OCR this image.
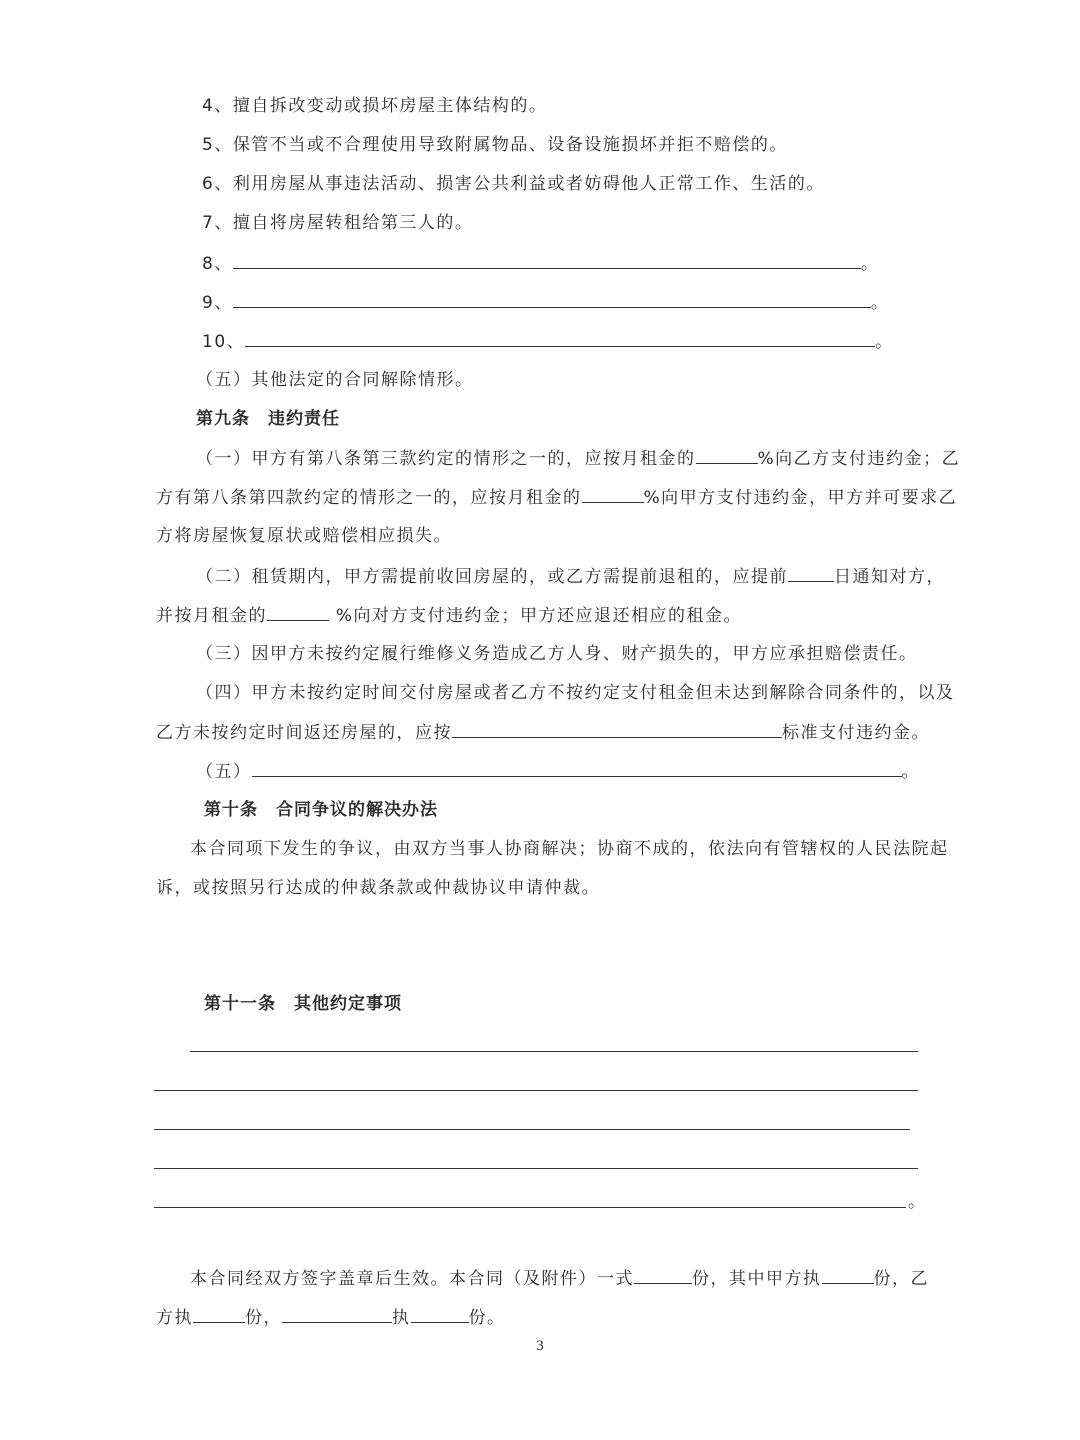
4、擅自拆改变动或损坏房屋主体结构的。
5、保管不当或不合理使用导致附属物品、设备设施损坏并拒不赔偿的。
6、利用房屋从事违法活动、损害公共利益或者妨碍他人正常工作、生活的。
7、擅自将房屋转租给第三人的。
8、	。
9、	。
10、	。
（五）其他法定的合同解除情形。
第九条　违约责任
（一）甲方有第八条第三款约定的情形之一的，应按月租金的	%向乙方支付违约金；乙
方有第八条第四款约定的情形之一的，应按月租金的	%向甲方支付违约金，甲方并可要求乙
方将房屋恢复原状或赔偿相应损失。
（二）租赁期内，甲方需提前收回房屋的，或乙方需提前退租的，应提前	日通知对方，
并按月租金的	%向对方支付违约金；甲方还应退还相应的租金。
（三）因甲方未按约定履行维修义务造成乙方人身、财产损失的，甲方应承担赔偿责任。
（四）甲方未按约定时间交付房屋或者乙方不按约定支付租金但未达到解除合同条件的，以及
乙方未按约定时间返还房屋的，应按	标准支付违约金。
（五）	。
第十条　合同争议的解决办法
本合同项下发生的争议，由双方当事人协商解决；协商不成的，依法向有管辖权的人民法院起
诉，或按照另行达成的仲裁条款或仲裁协议申请仲裁。
第十一条　其他约定事项
。
本合同经双方签字盖章后生效。本合同（及附件）一式	份，其中甲方执	份，乙
方执	份，	执	份。
3
